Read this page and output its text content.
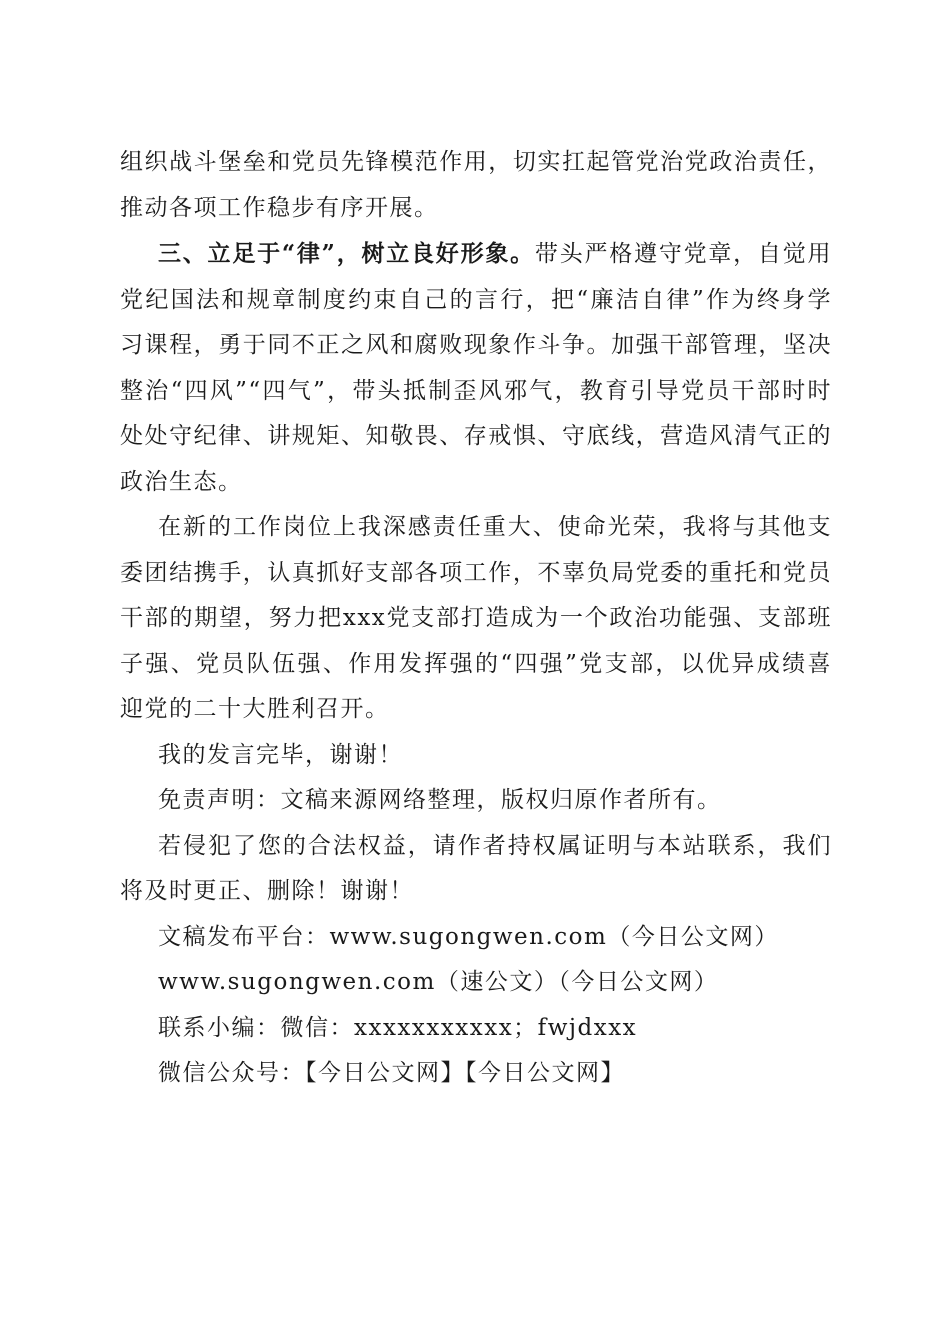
组织战斗堡垒和党员先锋模范作用，切实扛起管党治党政治责任，推动各项工作稳步有序开展。

三、立足于“律”，树立良好形象。带头严格遵守党章，自觉用党纪国法和规章制度约束自己的言行，把“廉洁自律”作为终身学习课程，勇于同不正之风和腐败现象作斗争。加强干部管理，坚决整治“四风”“四气”，带头抵制歪风邪气，教育引导党员干部时时处处守纪律、讲规矩、知敬畏、存戒惧、守底线，营造风清气正的政治生态。

在新的工作岗位上我深感责任重大、使命光荣，我将与其他支委团结携手，认真抓好支部各项工作，不辜负局党委的重托和党员干部的期望，努力把xxx党支部打造成为一个政治功能强、支部班子强、党员队伍强、作用发挥强的“四强”党支部，以优异成绩喜迎党的二十大胜利召开。

我的发言完毕，谢谢！

免责声明：文稿来源网络整理，版权归原作者所有。

若侵犯了您的合法权益，请作者持权属证明与本站联系，我们将及时更正、删除！谢谢！

文稿发布平台：www.sugongwen.com（今日公文网）

www.sugongwen.com（速公文）（今日公文网）

联系小编：微信：xxxxxxxxxxx；fwjdxxx

微信公众号：【今日公文网】【今日公文网】
